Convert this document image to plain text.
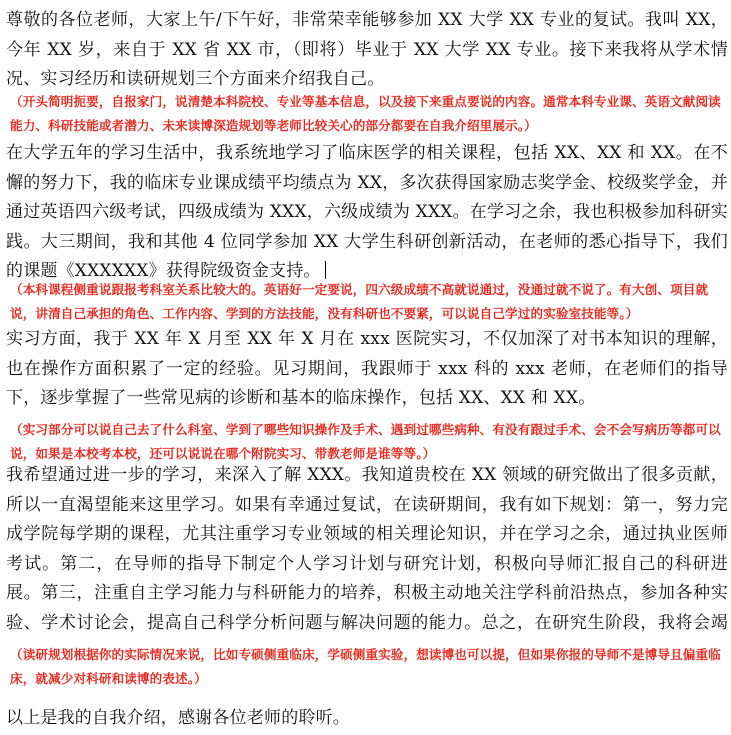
尊敬的各位老师，大家上午/下午好，非常荣幸能够参加 XX 大学 XX 专业的复试。我叫 XX，今年 XX 岁，来自于 XX 省 XX 市，（即将）毕业于 XX 大学 XX 专业。接下来我将从学术情况、实习经历和读研规划三个方面来介绍我自己。

（开头简明扼要，自报家门，说清楚本科院校、专业等基本信息，以及接下来重点要说的内容。通常本科专业课、英语文献阅读能力、科研技能或者潜力、未来读博深造规划等老师比较关心的部分都要在自我介绍里展示。）

在大学五年的学习生活中，我系统地学习了临床医学的相关课程，包括 XX、XX 和 XX。在不懈的努力下，我的临床专业课成绩平均绩点为 XX，多次获得国家励志奖学金、校级奖学金，并通过英语四六级考试，四级成绩为 XXX，六级成绩为 XXX。在学习之余，我也积极参加科研实践。大三期间，我和其他 4 位同学参加 XX 大学生科研创新活动，在老师的悉心指导下，我们的课题《XXXXXX》获得院级资金支持。

（本科课程侧重说跟报考科室关系比较大的。英语好一定要说，四六级成绩不高就说通过，没通过就不说了。有大创、项目就说，讲清自己承担的角色、工作内容、学到的方法技能，没有科研也不要紧，可以说自己学过的实验室技能等。）

实习方面，我于 XX 年 X 月至 XX 年 X 月在 xxx 医院实习，不仅加深了对书本知识的理解，也在操作方面积累了一定的经验。见习期间，我跟师于 xxx 科的 xxx 老师，在老师们的指导下，逐步掌握了一些常见病的诊断和基本的临床操作，包括 XX、XX 和 XX。

（实习部分可以说自己去了什么科室、学到了哪些知识操作及手术、遇到过哪些病种、有没有跟过手术、会不会写病历等都可以说，如果是本校考本校，还可以说说在哪个附院实习、带教老师是谁等等。）

我希望通过进一步的学习，来深入了解 XXX。我知道贵校在 XX 领域的研究做出了很多贡献，所以一直渴望能来这里学习。如果有幸通过复试，在读研期间，我有如下规划：第一，努力完成学院每学期的课程，尤其注重学习专业领域的相关理论知识，并在学习之余，通过执业医师考试。第二，在导师的指导下制定个人学习计划与研究计划，积极向导师汇报自己的科研进展。第三，注重自主学习能力与科研能力的培养，积极主动地关注学科前沿热点，参加各种实验、学术讨论会，提高自己科学分析问题与解决问题的能力。总之，在研究生阶段，我将会竭

（读研规划根据你的实际情况来说，比如专硕侧重临床，学硕侧重实验，想读博也可以提，但如果你报的导师不是博导且偏重临床，就减少对科研和读博的表述。）

以上是我的自我介绍，感谢各位老师的聆听。
